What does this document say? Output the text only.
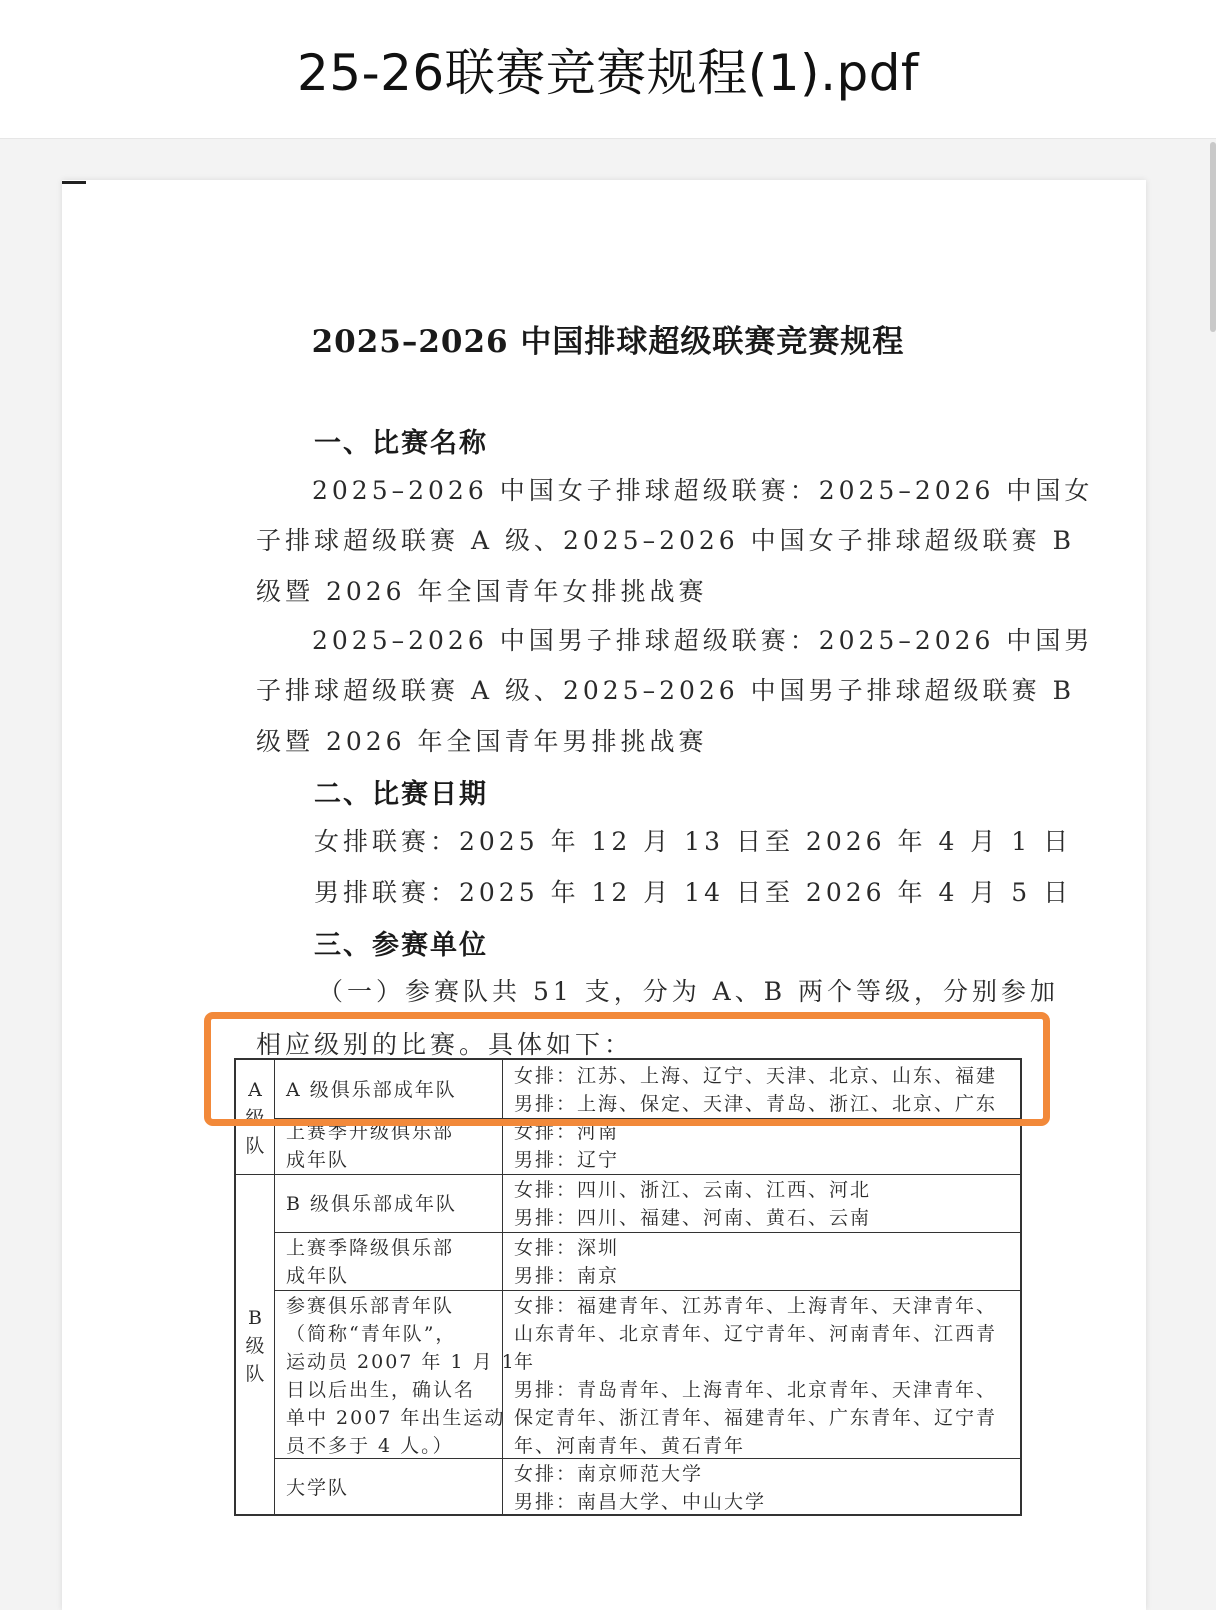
25-26联赛竞赛规程(1).pdf
2025–2026 中国排球超级联赛竞赛规程
一、比赛名称
2025–2026 中国女子排球超级联赛：2025–2026 中国女
子排球超级联赛 A 级、2025–2026 中国女子排球超级联赛 B
级暨 2026 年全国青年女排挑战赛
2025–2026 中国男子排球超级联赛：2025–2026 中国男
子排球超级联赛 A 级、2025–2026 中国男子排球超级联赛 B
级暨 2026 年全国青年男排挑战赛
二、比赛日期
女排联赛：2025 年 12 月 13 日至 2026 年 4 月 1 日
男排联赛：2025 年 12 月 14 日至 2026 年 4 月 5 日
三、参赛单位
（一）参赛队共 51 支，分为 A、B 两个等级，分别参加
相应级别的比赛。具体如下：
A
级
队
B
级
队
A 级俱乐部成年队
女排：江苏、上海、辽宁、天津、北京、山东、福建
男排：上海、保定、天津、青岛、浙江、北京、广东
上赛季升级俱乐部
成年队
女排：河南
男排：辽宁
B 级俱乐部成年队
女排：四川、浙江、云南、江西、河北
男排：四川、福建、河南、黄石、云南
上赛季降级俱乐部
成年队
女排：深圳
男排：南京
参赛俱乐部青年队
（简称“青年队”，
运动员 2007 年 1 月 1
日以后出生，确认名
单中 2007 年出生运动
员不多于 4 人。）
女排：福建青年、江苏青年、上海青年、天津青年、
山东青年、北京青年、辽宁青年、河南青年、江西青
年
男排：青岛青年、上海青年、北京青年、天津青年、
保定青年、浙江青年、福建青年、广东青年、辽宁青
年、河南青年、黄石青年
大学队
女排：南京师范大学
男排：南昌大学、中山大学
